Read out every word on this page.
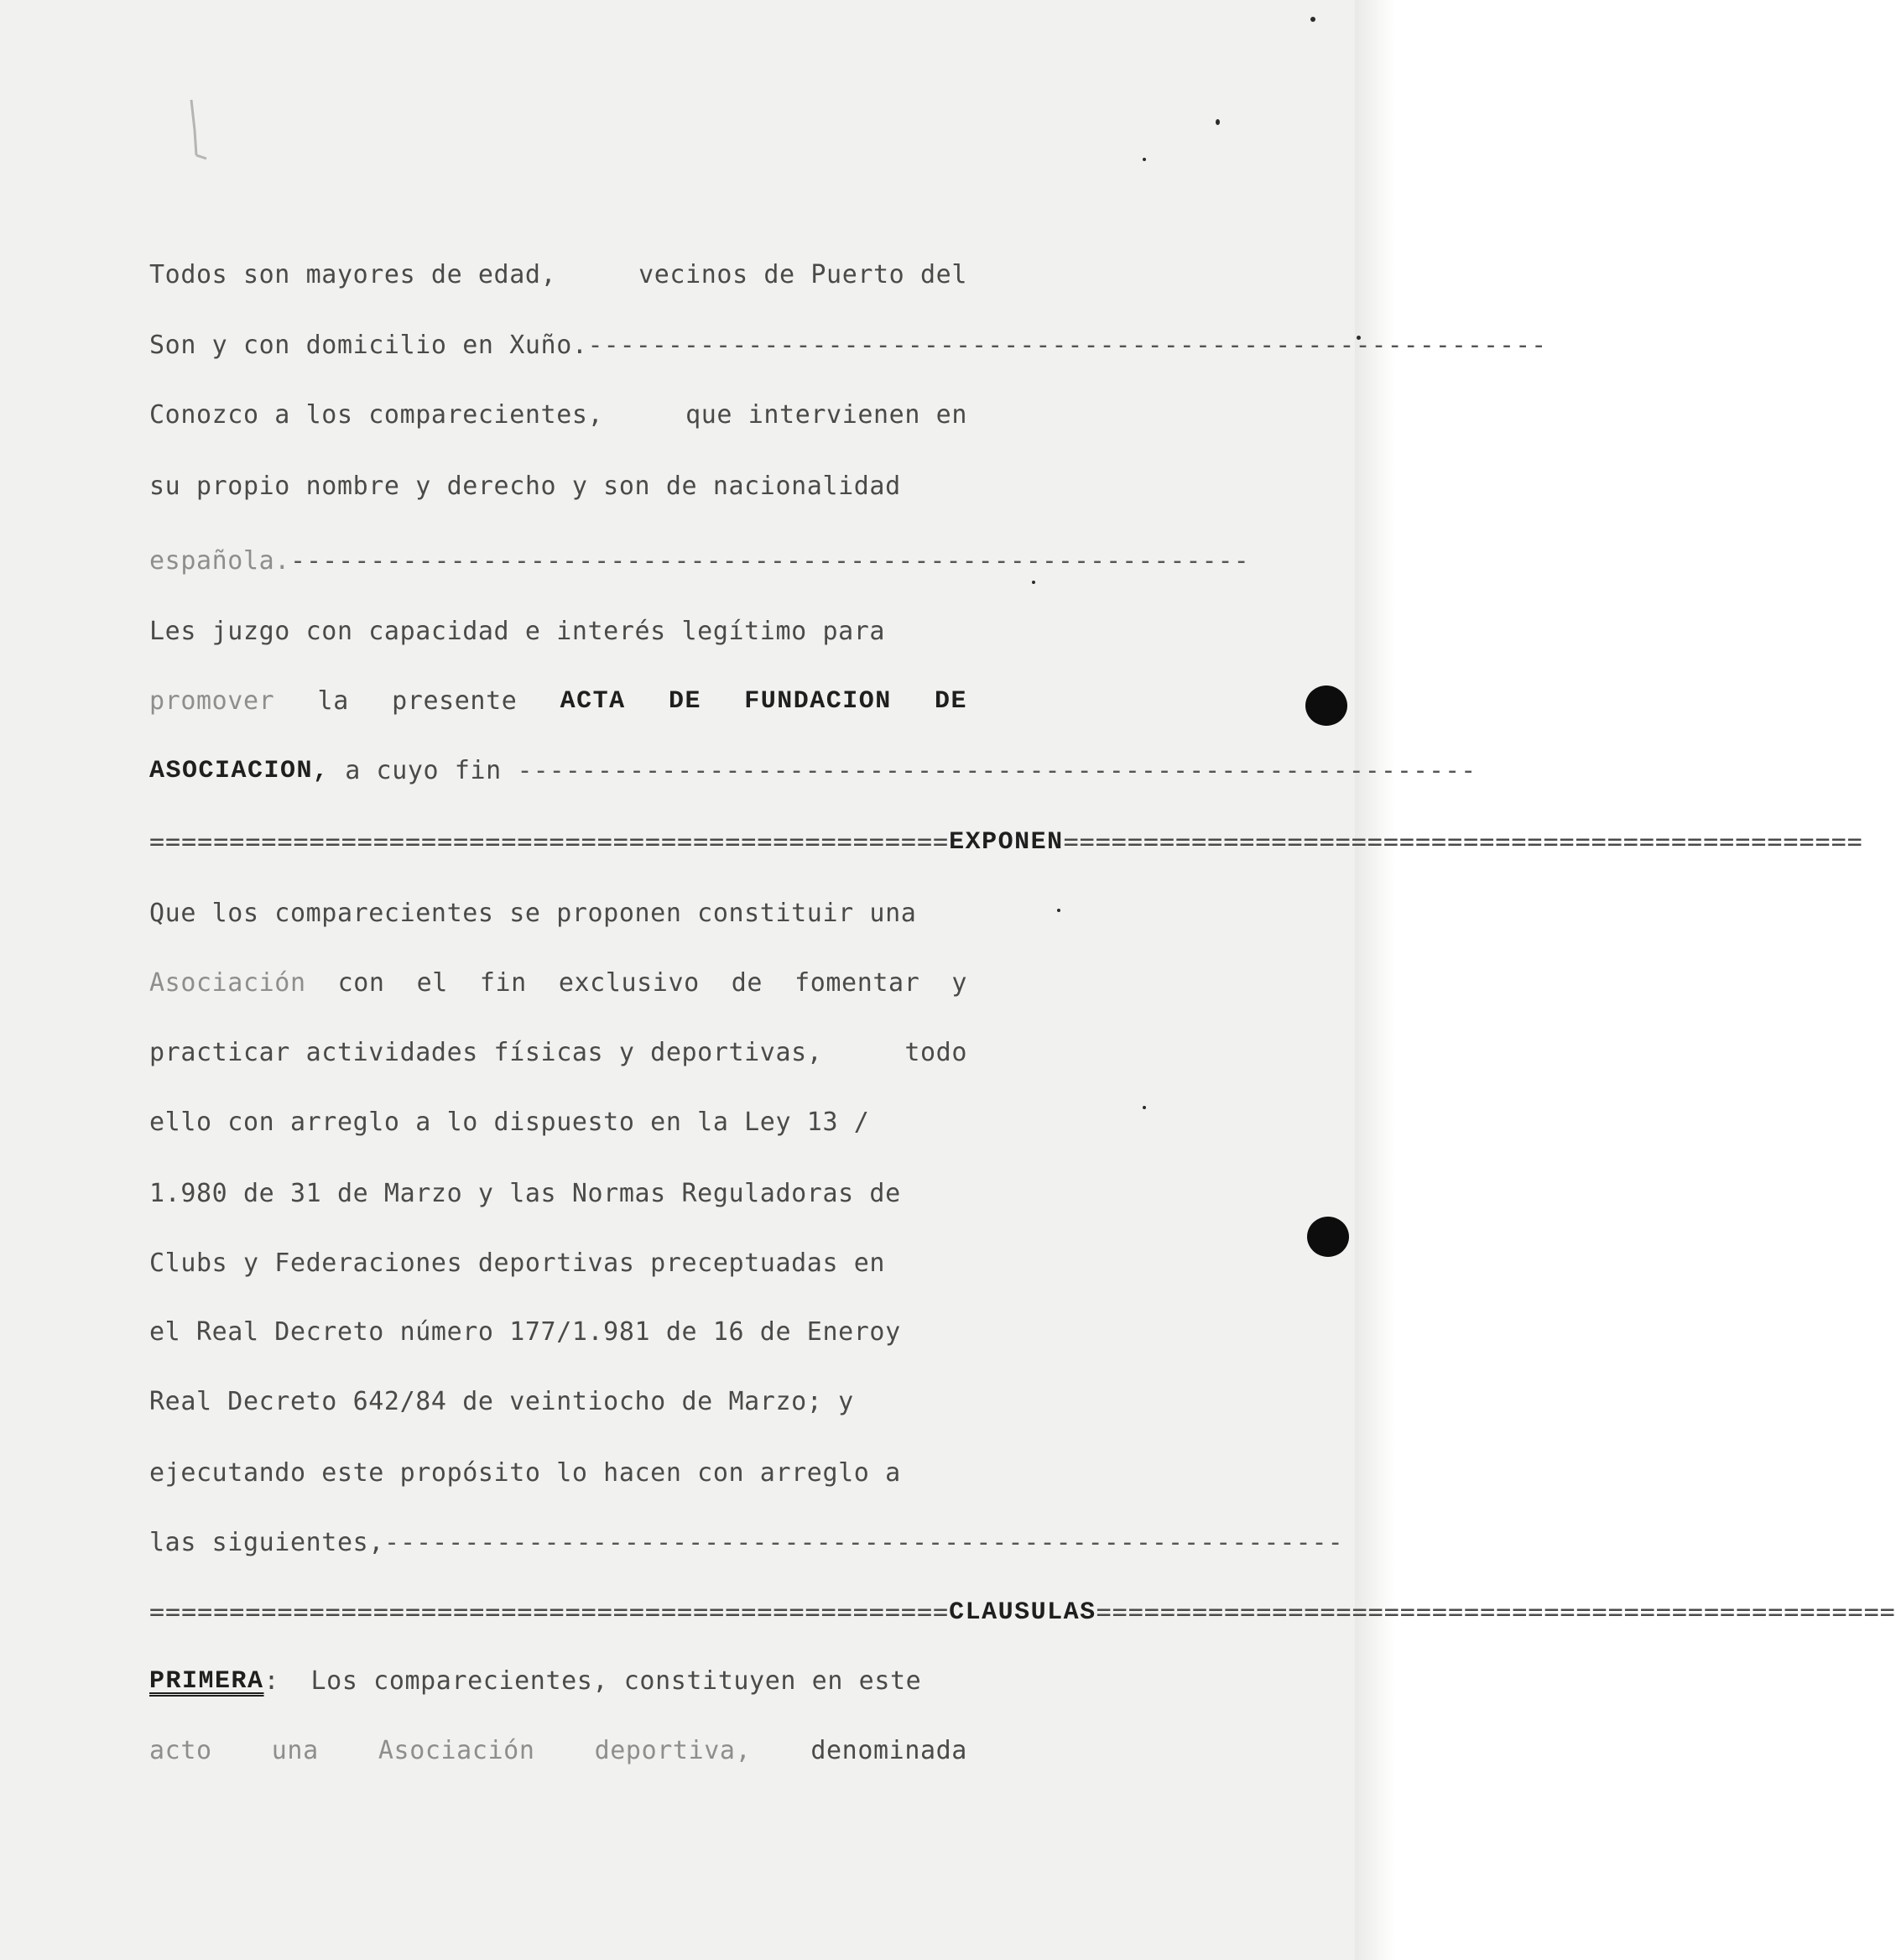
Todos son mayores de edad,	vecinos de Puerto del
Son y con domicilio en Xuño. ------------------------------------------------------------
Conozco a los comparecientes,	que intervienen en
su propio nombre y derecho y son de nacionalidad
española. ------------------------------------------------------------
Les juzgo con capacidad e interés legítimo para
promover la presente ACTA DE FUNDACION DE
ASOCIACION,
a cuyo fin
------------------------------------------------------------
================================================== EXPONEN ==================================================
Que los comparecientes se proponen constituir una
Asociación con el fin exclusivo de fomentar y
practicar actividades físicas y deportivas,	todo
ello con arreglo a lo dispuesto en la Ley 13 /
1.980 de 31 de Marzo y las Normas Reguladoras de
Clubs y Federaciones deportivas preceptuadas en
el Real Decreto número 177/1.981 de 16 de Eneroy
Real Decreto 642/84 de veintiocho de Marzo; y
ejecutando este propósito lo hacen con arreglo a
las siguientes, ------------------------------------------------------------
================================================== CLAUSULAS ==================================================
PRIMERA :  Los comparecientes, constituyen en este
acto una Asociación deportiva, denominada
